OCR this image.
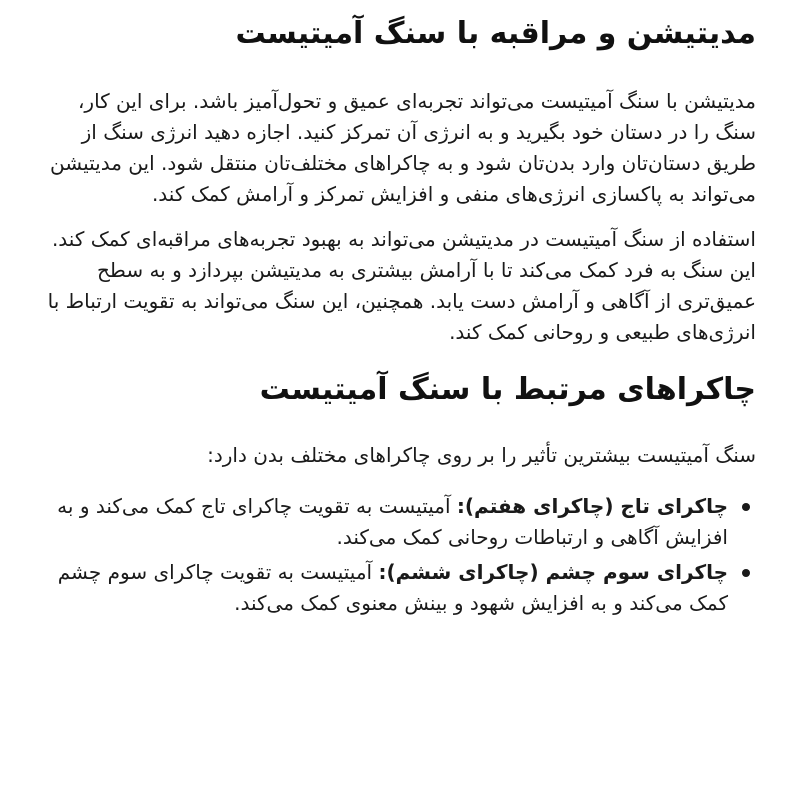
مدیتیشن و مراقبه با سنگ آمیتیست

مدیتیشن با سنگ آمیتیست می‌تواند تجربه‌ای عمیق و تحول‌آمیز باشد. برای این کار، سنگ را در دستان خود بگیرید و به انرژی آن تمرکز کنید. اجازه دهید انرژی سنگ از طریق دستان‌تان وارد بدن‌تان شود و به چاکراهای مختلف‌تان منتقل شود. این مدیتیشن می‌تواند به پاکسازی انرژی‌های منفی و افزایش تمرکز و آرامش کمک کند.

استفاده از سنگ آمیتیست در مدیتیشن می‌تواند به بهبود تجربه‌های مراقبه‌ای کمک کند. این سنگ به فرد کمک می‌کند تا با آرامش بیشتری به مدیتیشن بپردازد و به سطح عمیق‌تری از آگاهی و آرامش دست یابد. همچنین، این سنگ می‌تواند به تقویت ارتباط با انرژی‌های طبیعی و روحانی کمک کند.

چاکراهای مرتبط با سنگ آمیتیست

سنگ آمیتیست بیشترین تأثیر را بر روی چاکراهای مختلف بدن دارد:

چاکرای تاج (چاکرای هفتم): آمیتیست به تقویت چاکرای تاج کمک می‌کند و به افزایش آگاهی و ارتباطات روحانی کمک می‌کند.
چاکرای سوم چشم (چاکرای ششم): آمیتیست به تقویت چاکرای سوم چشم کمک می‌کند و به افزایش شهود و بینش معنوی کمک می‌کند.
